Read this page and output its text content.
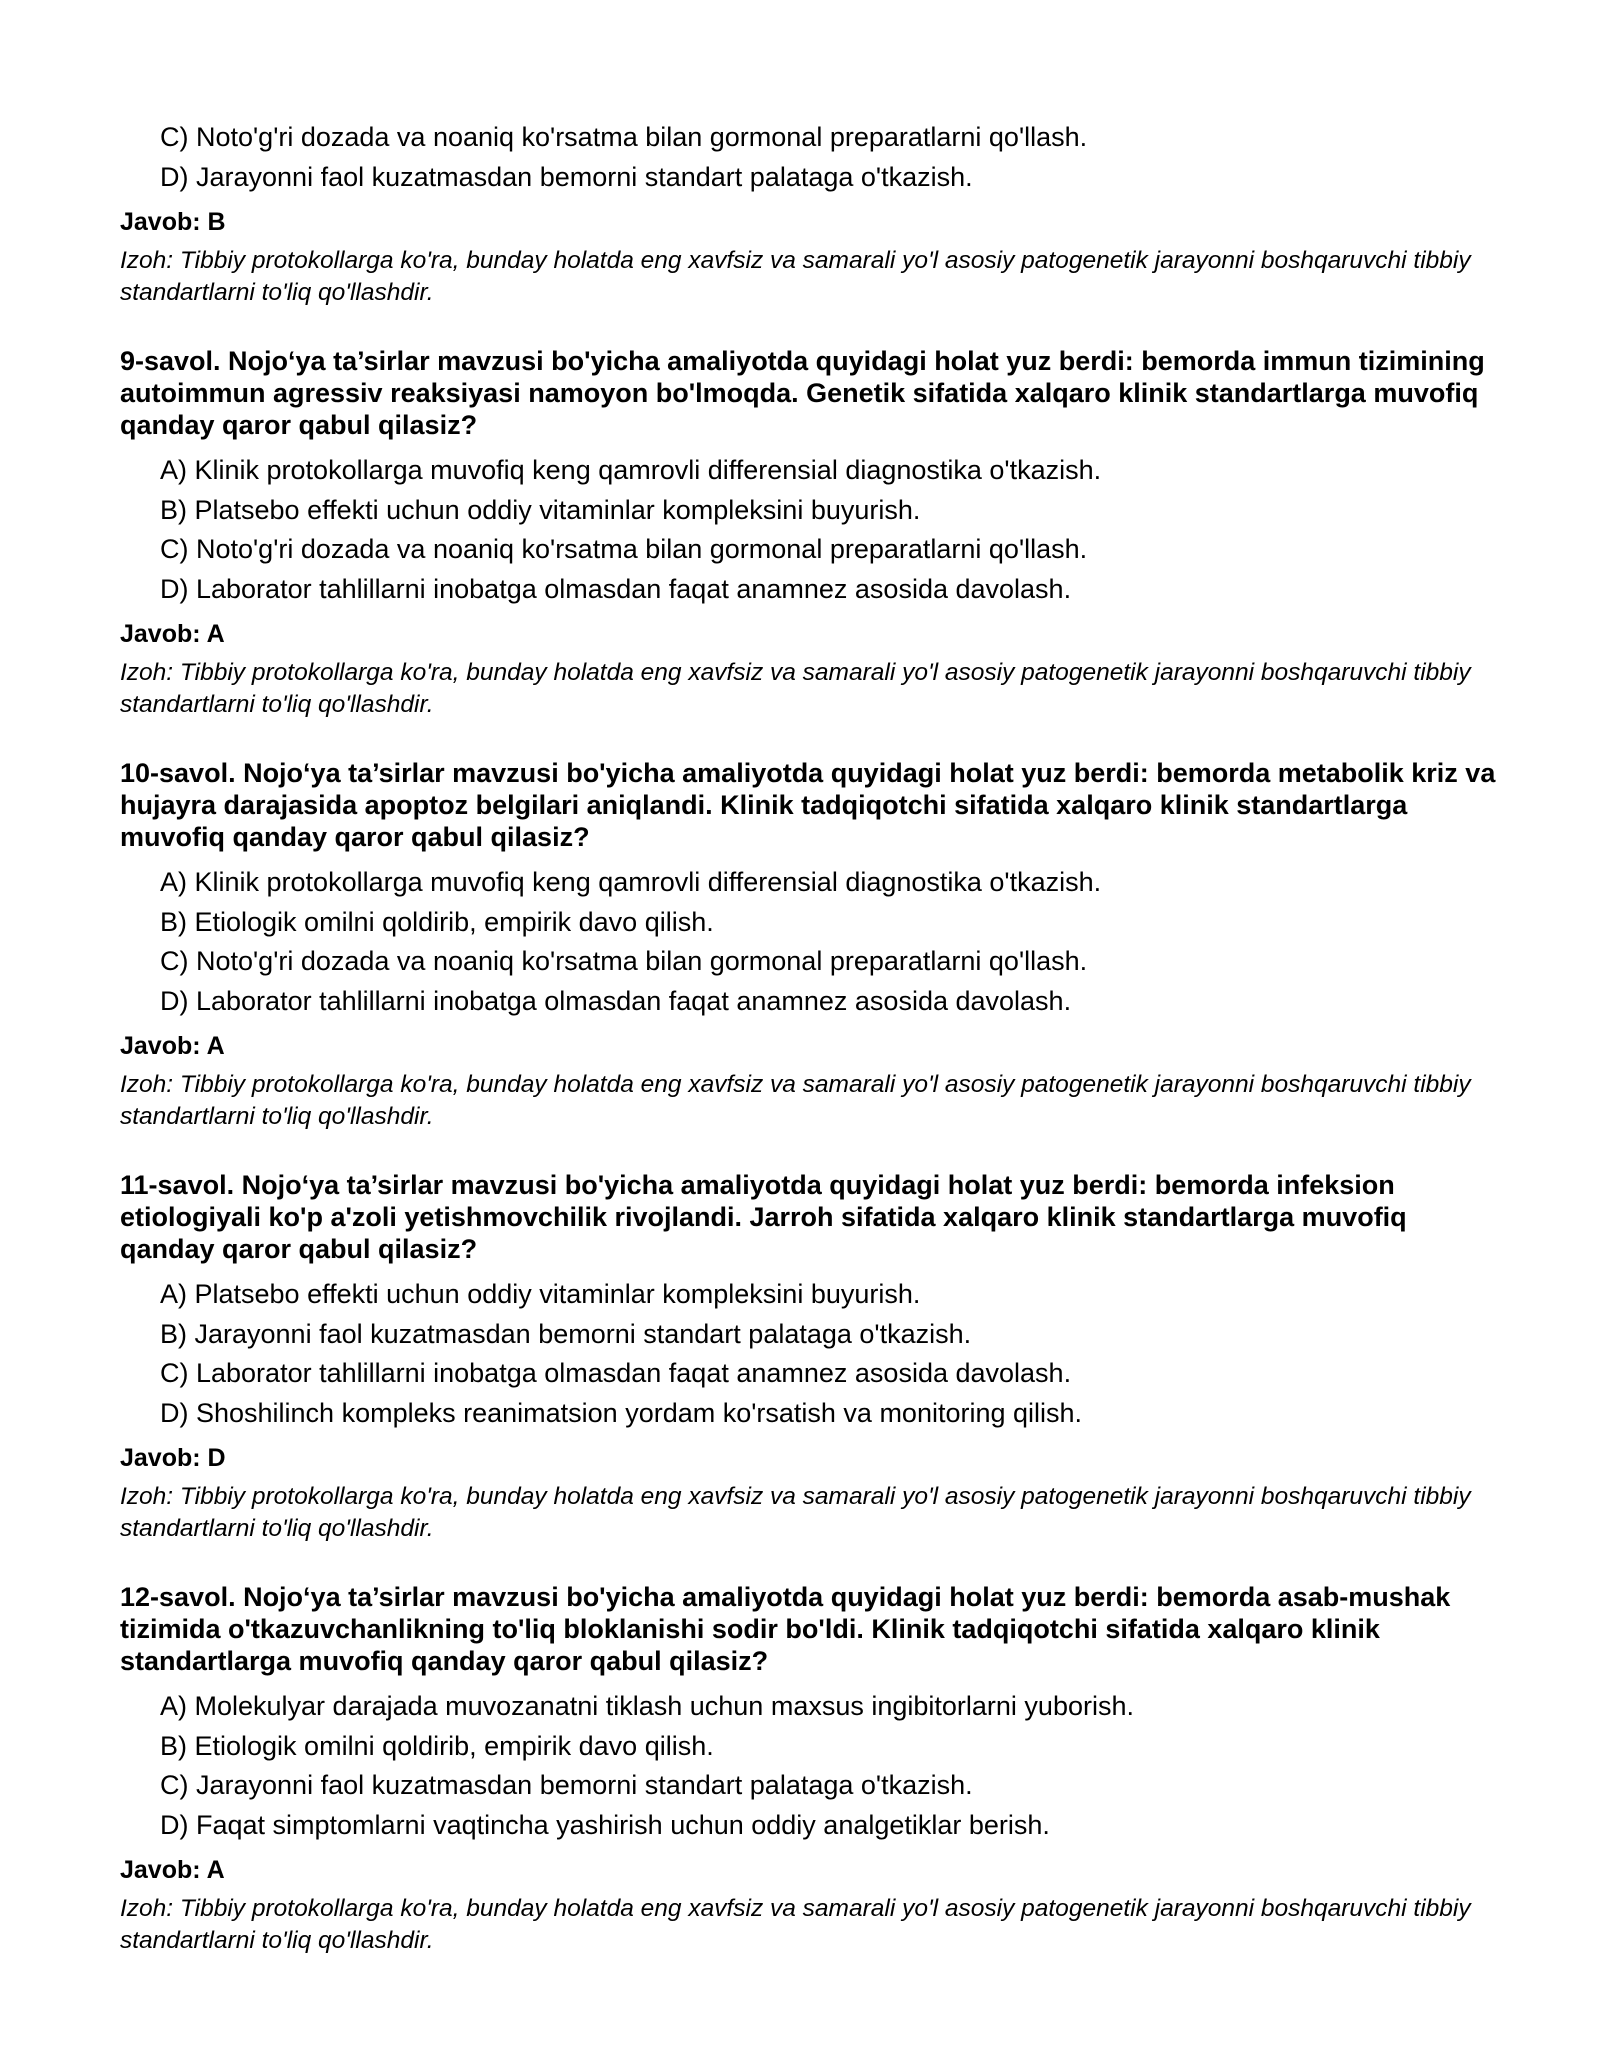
C) Noto'g'ri dozada va noaniq ko'rsatma bilan gormonal preparatlarni qo'llash.
D) Jarayonni faol kuzatmasdan bemorni standart palataga o'tkazish.
Javob: B
Izoh: Tibbiy protokollarga ko'ra, bunday holatda eng xavfsiz va samarali yo'l asosiy patogenetik jarayonni boshqaruvchi tibbiy standartlarni to'liq qo'llashdir.
9-savol. Nojo‘ya ta’sirlar mavzusi bo'yicha amaliyotda quyidagi holat yuz berdi: bemorda immun tizimining autoimmun agressiv reaksiyasi namoyon bo'lmoqda. Genetik sifatida xalqaro klinik standartlarga muvofiq qanday qaror qabul qilasiz?
A) Klinik protokollarga muvofiq keng qamrovli differensial diagnostika o'tkazish.
B) Platsebo effekti uchun oddiy vitaminlar kompleksini buyurish.
C) Noto'g'ri dozada va noaniq ko'rsatma bilan gormonal preparatlarni qo'llash.
D) Laborator tahlillarni inobatga olmasdan faqat anamnez asosida davolash.
Javob: A
Izoh: Tibbiy protokollarga ko'ra, bunday holatda eng xavfsiz va samarali yo'l asosiy patogenetik jarayonni boshqaruvchi tibbiy standartlarni to'liq qo'llashdir.
10-savol. Nojo‘ya ta’sirlar mavzusi bo'yicha amaliyotda quyidagi holat yuz berdi: bemorda metabolik kriz va hujayra darajasida apoptoz belgilari aniqlandi. Klinik tadqiqotchi sifatida xalqaro klinik standartlarga muvofiq qanday qaror qabul qilasiz?
A) Klinik protokollarga muvofiq keng qamrovli differensial diagnostika o'tkazish.
B) Etiologik omilni qoldirib, empirik davo qilish.
C) Noto'g'ri dozada va noaniq ko'rsatma bilan gormonal preparatlarni qo'llash.
D) Laborator tahlillarni inobatga olmasdan faqat anamnez asosida davolash.
Javob: A
Izoh: Tibbiy protokollarga ko'ra, bunday holatda eng xavfsiz va samarali yo'l asosiy patogenetik jarayonni boshqaruvchi tibbiy standartlarni to'liq qo'llashdir.
11-savol. Nojo‘ya ta’sirlar mavzusi bo'yicha amaliyotda quyidagi holat yuz berdi: bemorda infeksion etiologiyali ko'p a'zoli yetishmovchilik rivojlandi. Jarroh sifatida xalqaro klinik standartlarga muvofiq qanday qaror qabul qilasiz?
A) Platsebo effekti uchun oddiy vitaminlar kompleksini buyurish.
B) Jarayonni faol kuzatmasdan bemorni standart palataga o'tkazish.
C) Laborator tahlillarni inobatga olmasdan faqat anamnez asosida davolash.
D) Shoshilinch kompleks reanimatsion yordam ko'rsatish va monitoring qilish.
Javob: D
Izoh: Tibbiy protokollarga ko'ra, bunday holatda eng xavfsiz va samarali yo'l asosiy patogenetik jarayonni boshqaruvchi tibbiy standartlarni to'liq qo'llashdir.
12-savol. Nojo‘ya ta’sirlar mavzusi bo'yicha amaliyotda quyidagi holat yuz berdi: bemorda asab-mushak tizimida o'tkazuvchanlikning to'liq bloklanishi sodir bo'ldi. Klinik tadqiqotchi sifatida xalqaro klinik standartlarga muvofiq qanday qaror qabul qilasiz?
A) Molekulyar darajada muvozanatni tiklash uchun maxsus ingibitorlarni yuborish.
B) Etiologik omilni qoldirib, empirik davo qilish.
C) Jarayonni faol kuzatmasdan bemorni standart palataga o'tkazish.
D) Faqat simptomlarni vaqtincha yashirish uchun oddiy analgetiklar berish.
Javob: A
Izoh: Tibbiy protokollarga ko'ra, bunday holatda eng xavfsiz va samarali yo'l asosiy patogenetik jarayonni boshqaruvchi tibbiy standartlarni to'liq qo'llashdir.
